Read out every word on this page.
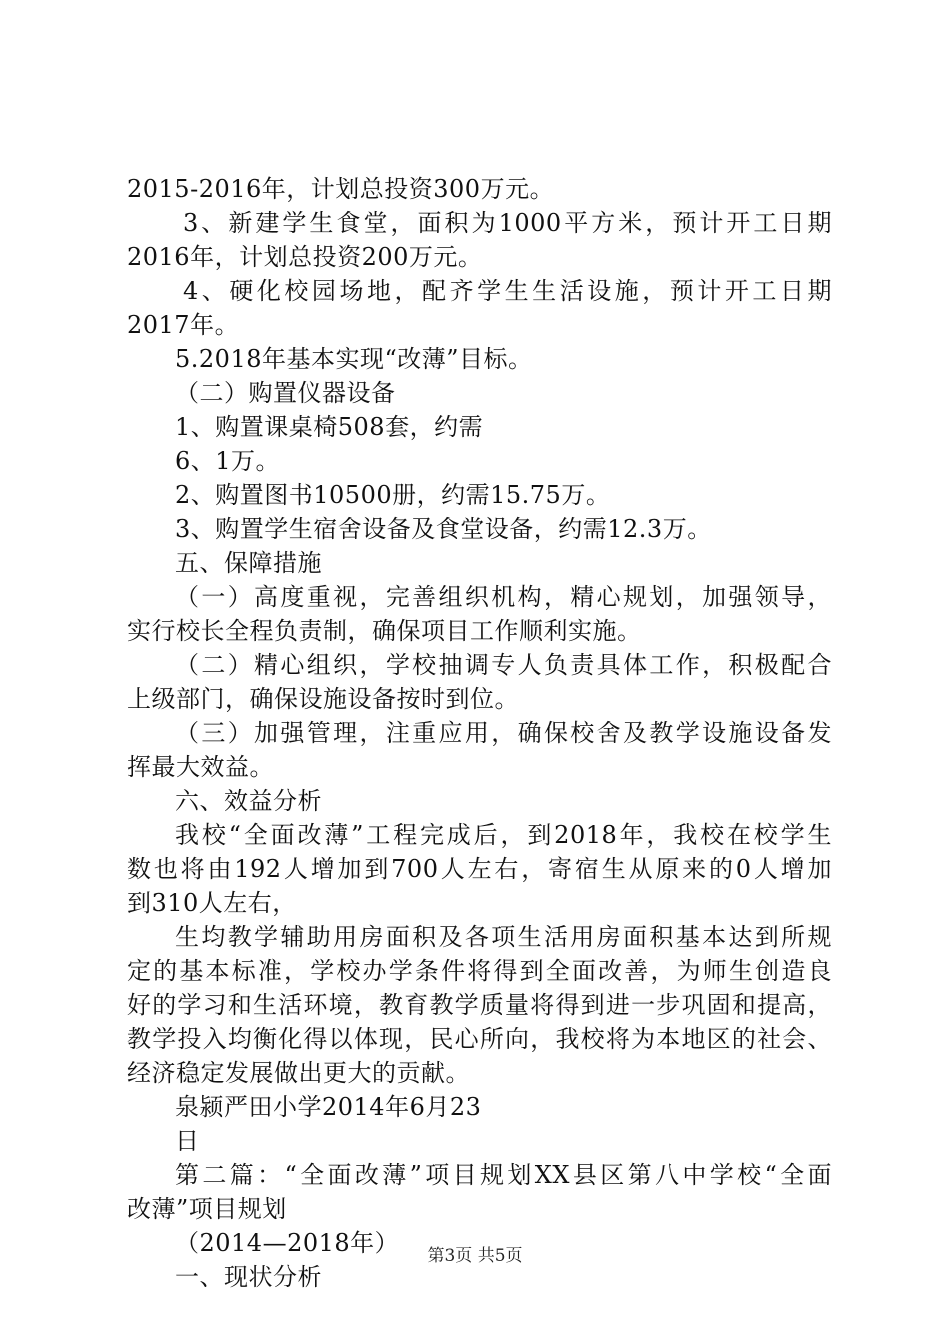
2015-2016年，计划总投资300万元。
3、新建学生食堂，面积为1000平方米，预计开工日期
2016年，计划总投资200万元。
4、硬化校园场地，配齐学生生活设施，预计开工日期
2017年。
5.2018年基本实现“改薄”目标。
（二）购置仪器设备
1、购置课桌椅508套，约需
6、1万。
2、购置图书10500册，约需15.75万。
3、购置学生宿舍设备及食堂设备，约需12.3万。
五、保障措施
（一）高度重视，完善组织机构，精心规划，加强领导，
实行校长全程负责制，确保项目工作顺利实施。
（二）精心组织，学校抽调专人负责具体工作，积极配合
上级部门，确保设施设备按时到位。
（三）加强管理，注重应用，确保校舍及教学设施设备发
挥最大效益。
六、效益分析
我校“全面改薄”工程完成后，到2018年，我校在校学生
数也将由192人增加到700人左右，寄宿生从原来的0人增加
到310人左右，
生均教学辅助用房面积及各项生活用房面积基本达到所规
定的基本标准，学校办学条件将得到全面改善，为师生创造良
好的学习和生活环境，教育教学质量将得到进一步巩固和提高，
教学投入均衡化得以体现，民心所向，我校将为本地区的社会、
经济稳定发展做出更大的贡献。
泉颍严田小学2014年6月23
日
第二篇：“全面改薄”项目规划XX县区第八中学校“全面
改薄”项目规划
（2014—2018年）
一、现状分析
第3页 共5页
